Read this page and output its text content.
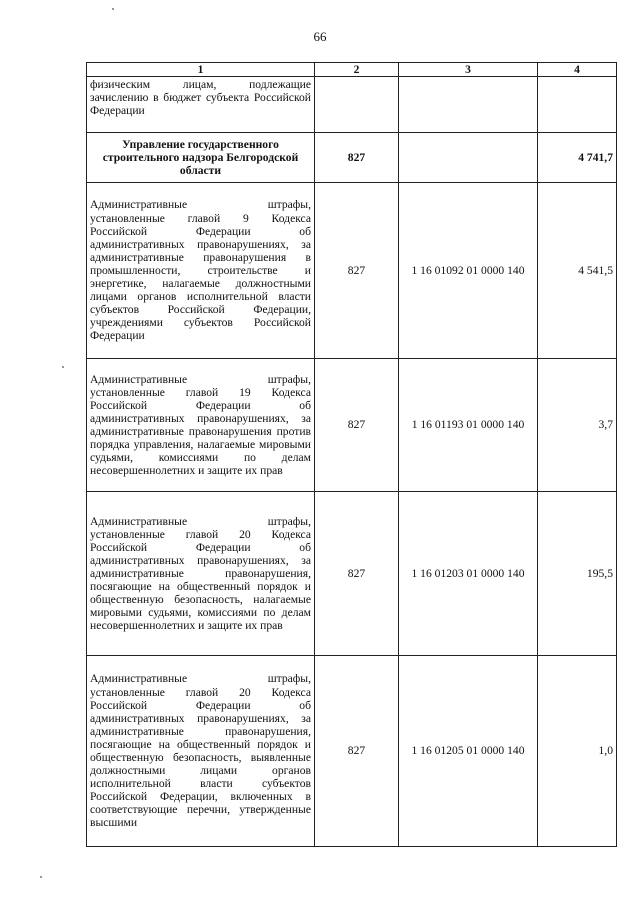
66
1	2	3	4

физическим лицам, подлежащие зачислению в бюджет субъекта Российской Федерации			

Управление государственного строительного надзора Белгородской области	827		4 741,7

Административные штрафы, установленные главой 9 Кодекса Российской Федерации об административных правонарушениях, за административные правонарушения в промышленности, строительстве и энергетике, налагаемые должностными лицами органов исполнительной власти субъектов Российской Федерации, учреждениями субъектов Российской Федерации	827	1 16 01092 01 0000 140	4 541,5

Административные штрафы, установленные главой 19 Кодекса Российской Федерации об административных правонарушениях, за административные правонарушения против порядка управления, налагаемые мировыми судьями, комиссиями по делам несовершеннолетних и защите их прав	827	1 16 01193 01 0000 140	3,7

Административные штрафы, установленные главой 20 Кодекса Российской Федерации об административных правонарушениях, за административные правонарушения, посягающие на общественный порядок и общественную безопасность, налагаемые мировыми судьями, комиссиями по делам несовершеннолетних и защите их прав	827	1 16 01203 01 0000 140	195,5

Административные штрафы, установленные главой 20 Кодекса Российской Федерации об административных правонарушениях, за административные правонарушения, посягающие на общественный порядок и общественную безопасность, выявленные должностными лицами органов исполнительной власти субъектов Российской Федерации, включенных в соответствующие перечни, утвержденные высшими	827	1 16 01205 01 0000 140	1,0
